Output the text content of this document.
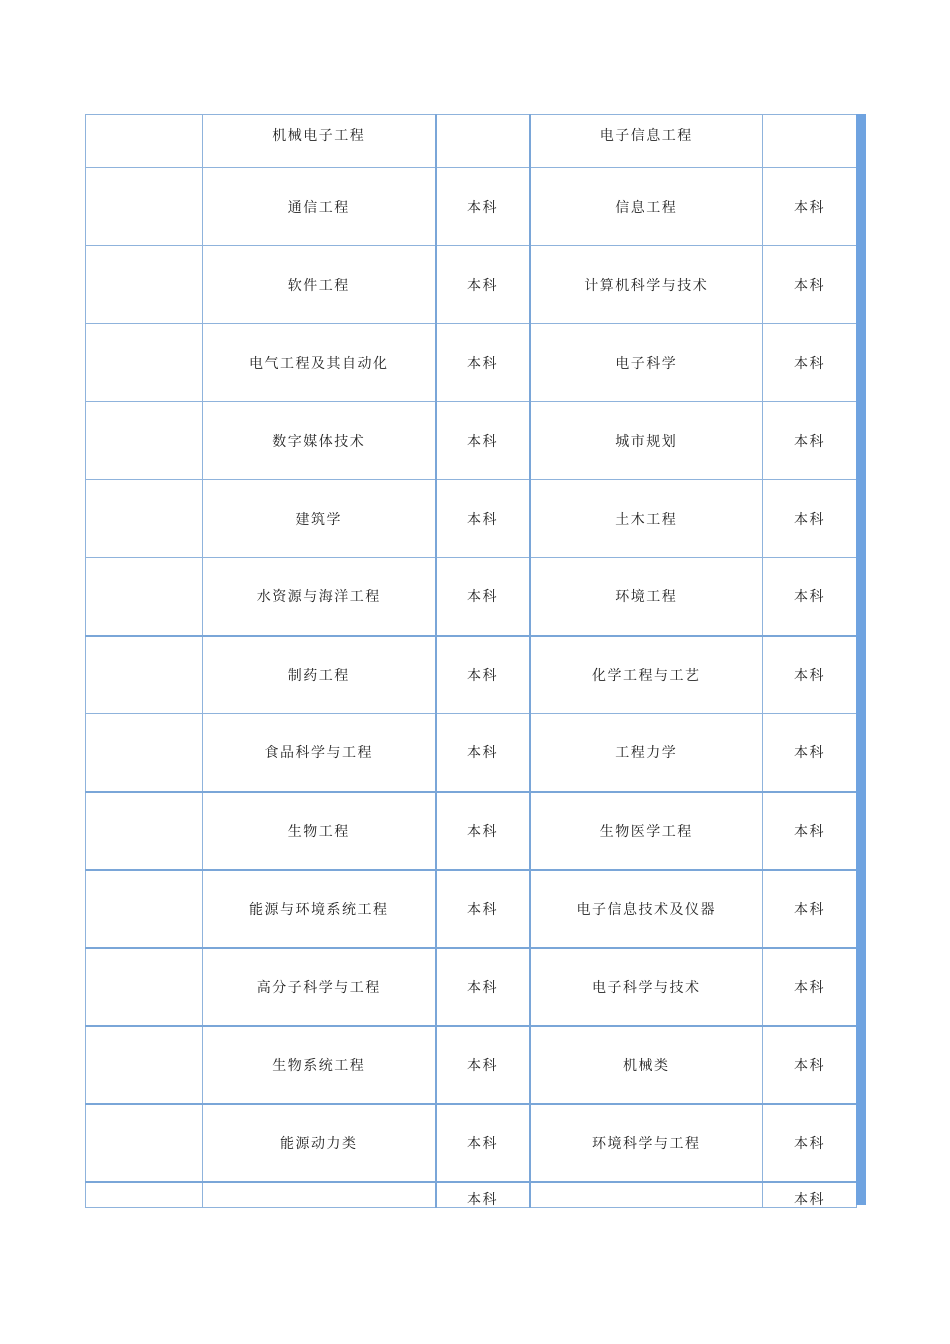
	机械电子工程		电子信息工程	
	通信工程	本科	信息工程	本科
	软件工程	本科	计算机科学与技术	本科
	电气工程及其自动化	本科	电子科学	本科
	数字媒体技术	本科	城市规划	本科
	建筑学	本科	土木工程	本科
	水资源与海洋工程	本科	环境工程	本科
	制药工程	本科	化学工程与工艺	本科
	食品科学与工程	本科	工程力学	本科
	生物工程	本科	生物医学工程	本科
	能源与环境系统工程	本科	电子信息技术及仪器	本科
	高分子科学与工程	本科	电子科学与技术	本科
	生物系统工程	本科	机械类	本科
	能源动力类	本科	环境科学与工程	本科
		本科		本科
